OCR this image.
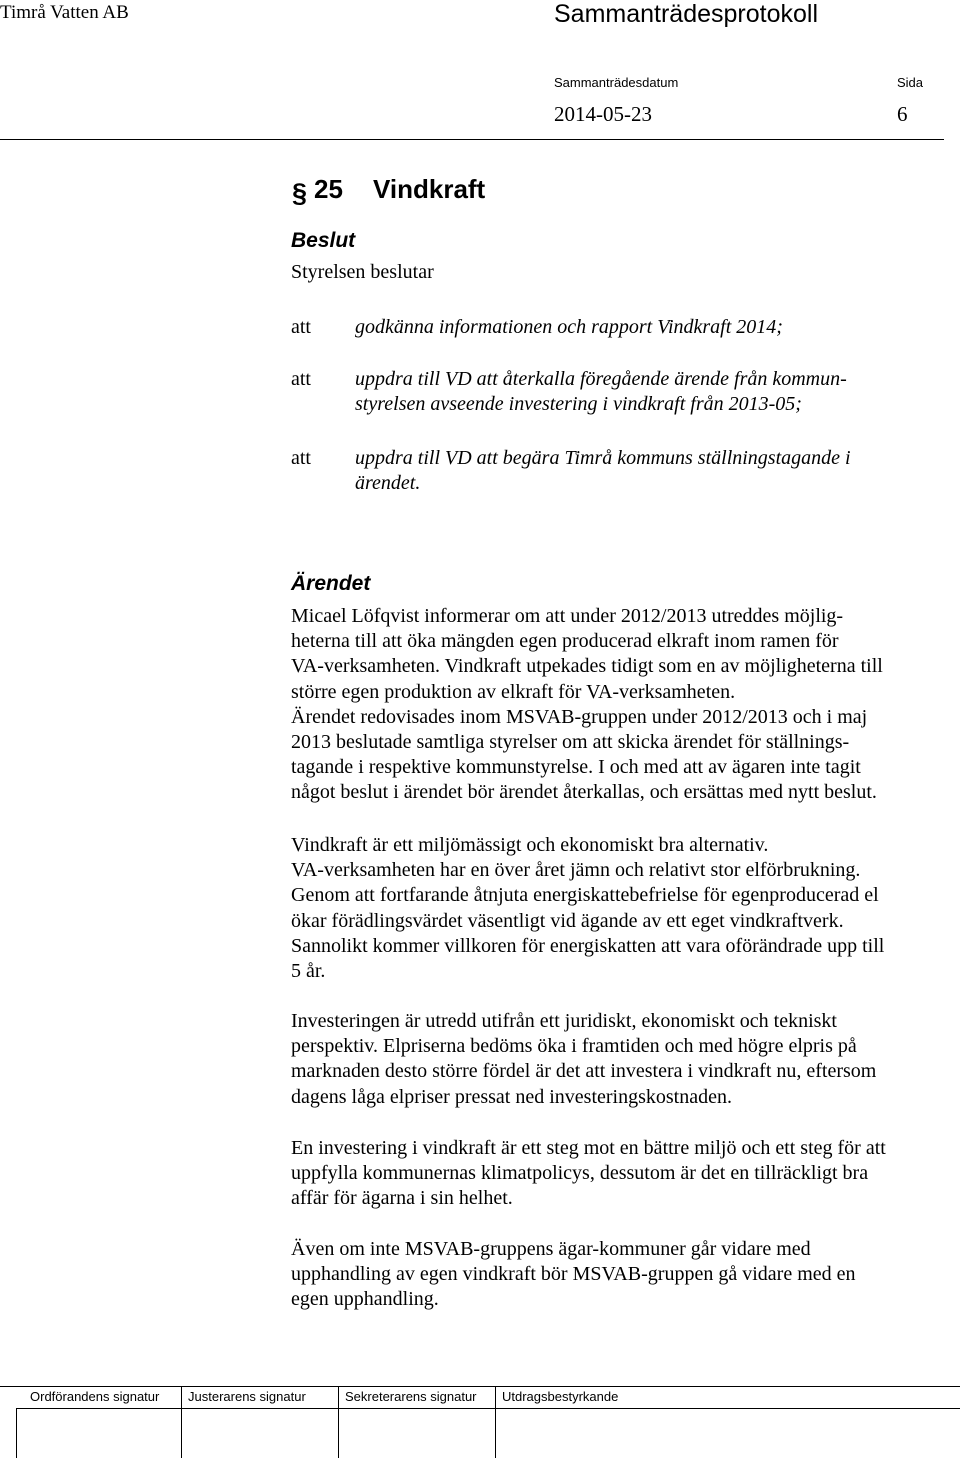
Timrå Vatten AB	Sammanträdesprotokoll
Sammanträdesdatum	Sida
2014-05-23	6
§ 25 Vindkraft
Beslut
Styrelsen beslutar
att godkänna informationen och rapport Vindkraft 2014;
att uppdra till VD att återkalla föregående ärende från kommun-
styrelsen avseende investering i vindkraft från 2013-05;
att uppdra till VD att begära Timrå kommuns ställningstagande i
ärendet.
Ärendet
Micael Löfqvist informerar om att under 2012/2013 utreddes möjlig-
heterna till att öka mängden egen producerad elkraft inom ramen för
VA-verksamheten. Vindkraft utpekades tidigt som en av möjligheterna till
större egen produktion av elkraft för VA-verksamheten.
Ärendet redovisades inom MSVAB-gruppen under 2012/2013 och i maj
2013 beslutade samtliga styrelser om att skicka ärendet för ställnings-
tagande i respektive kommunstyrelse. I och med att av ägaren inte tagit
något beslut i ärendet bör ärendet återkallas, och ersättas med nytt beslut.
Vindkraft är ett miljömässigt och ekonomiskt bra alternativ.
VA-verksamheten har en över året jämn och relativt stor elförbrukning.
Genom att fortfarande åtnjuta energiskattebefrielse för egenproducerad el
ökar förädlingsvärdet väsentligt vid ägande av ett eget vindkraftverk.
Sannolikt kommer villkoren för energiskatten att vara oförändrade upp till
5 år.
Investeringen är utredd utifrån ett juridiskt, ekonomiskt och tekniskt
perspektiv. Elpriserna bedöms öka i framtiden och med högre elpris på
marknaden desto större fördel är det att investera i vindkraft nu, eftersom
dagens låga elpriser pressat ned investeringskostnaden.
En investering i vindkraft är ett steg mot en bättre miljö och ett steg för att
uppfylla kommunernas klimatpolicys, dessutom är det en tillräckligt bra
affär för ägarna i sin helhet.
Även om inte MSVAB-gruppens ägar-kommuner går vidare med
upphandling av egen vindkraft bör MSVAB-gruppen gå vidare med en
egen upphandling.
Ordförandens signatur Justerarens signatur	Sekreterarens signatur Utdragsbestyrkande
